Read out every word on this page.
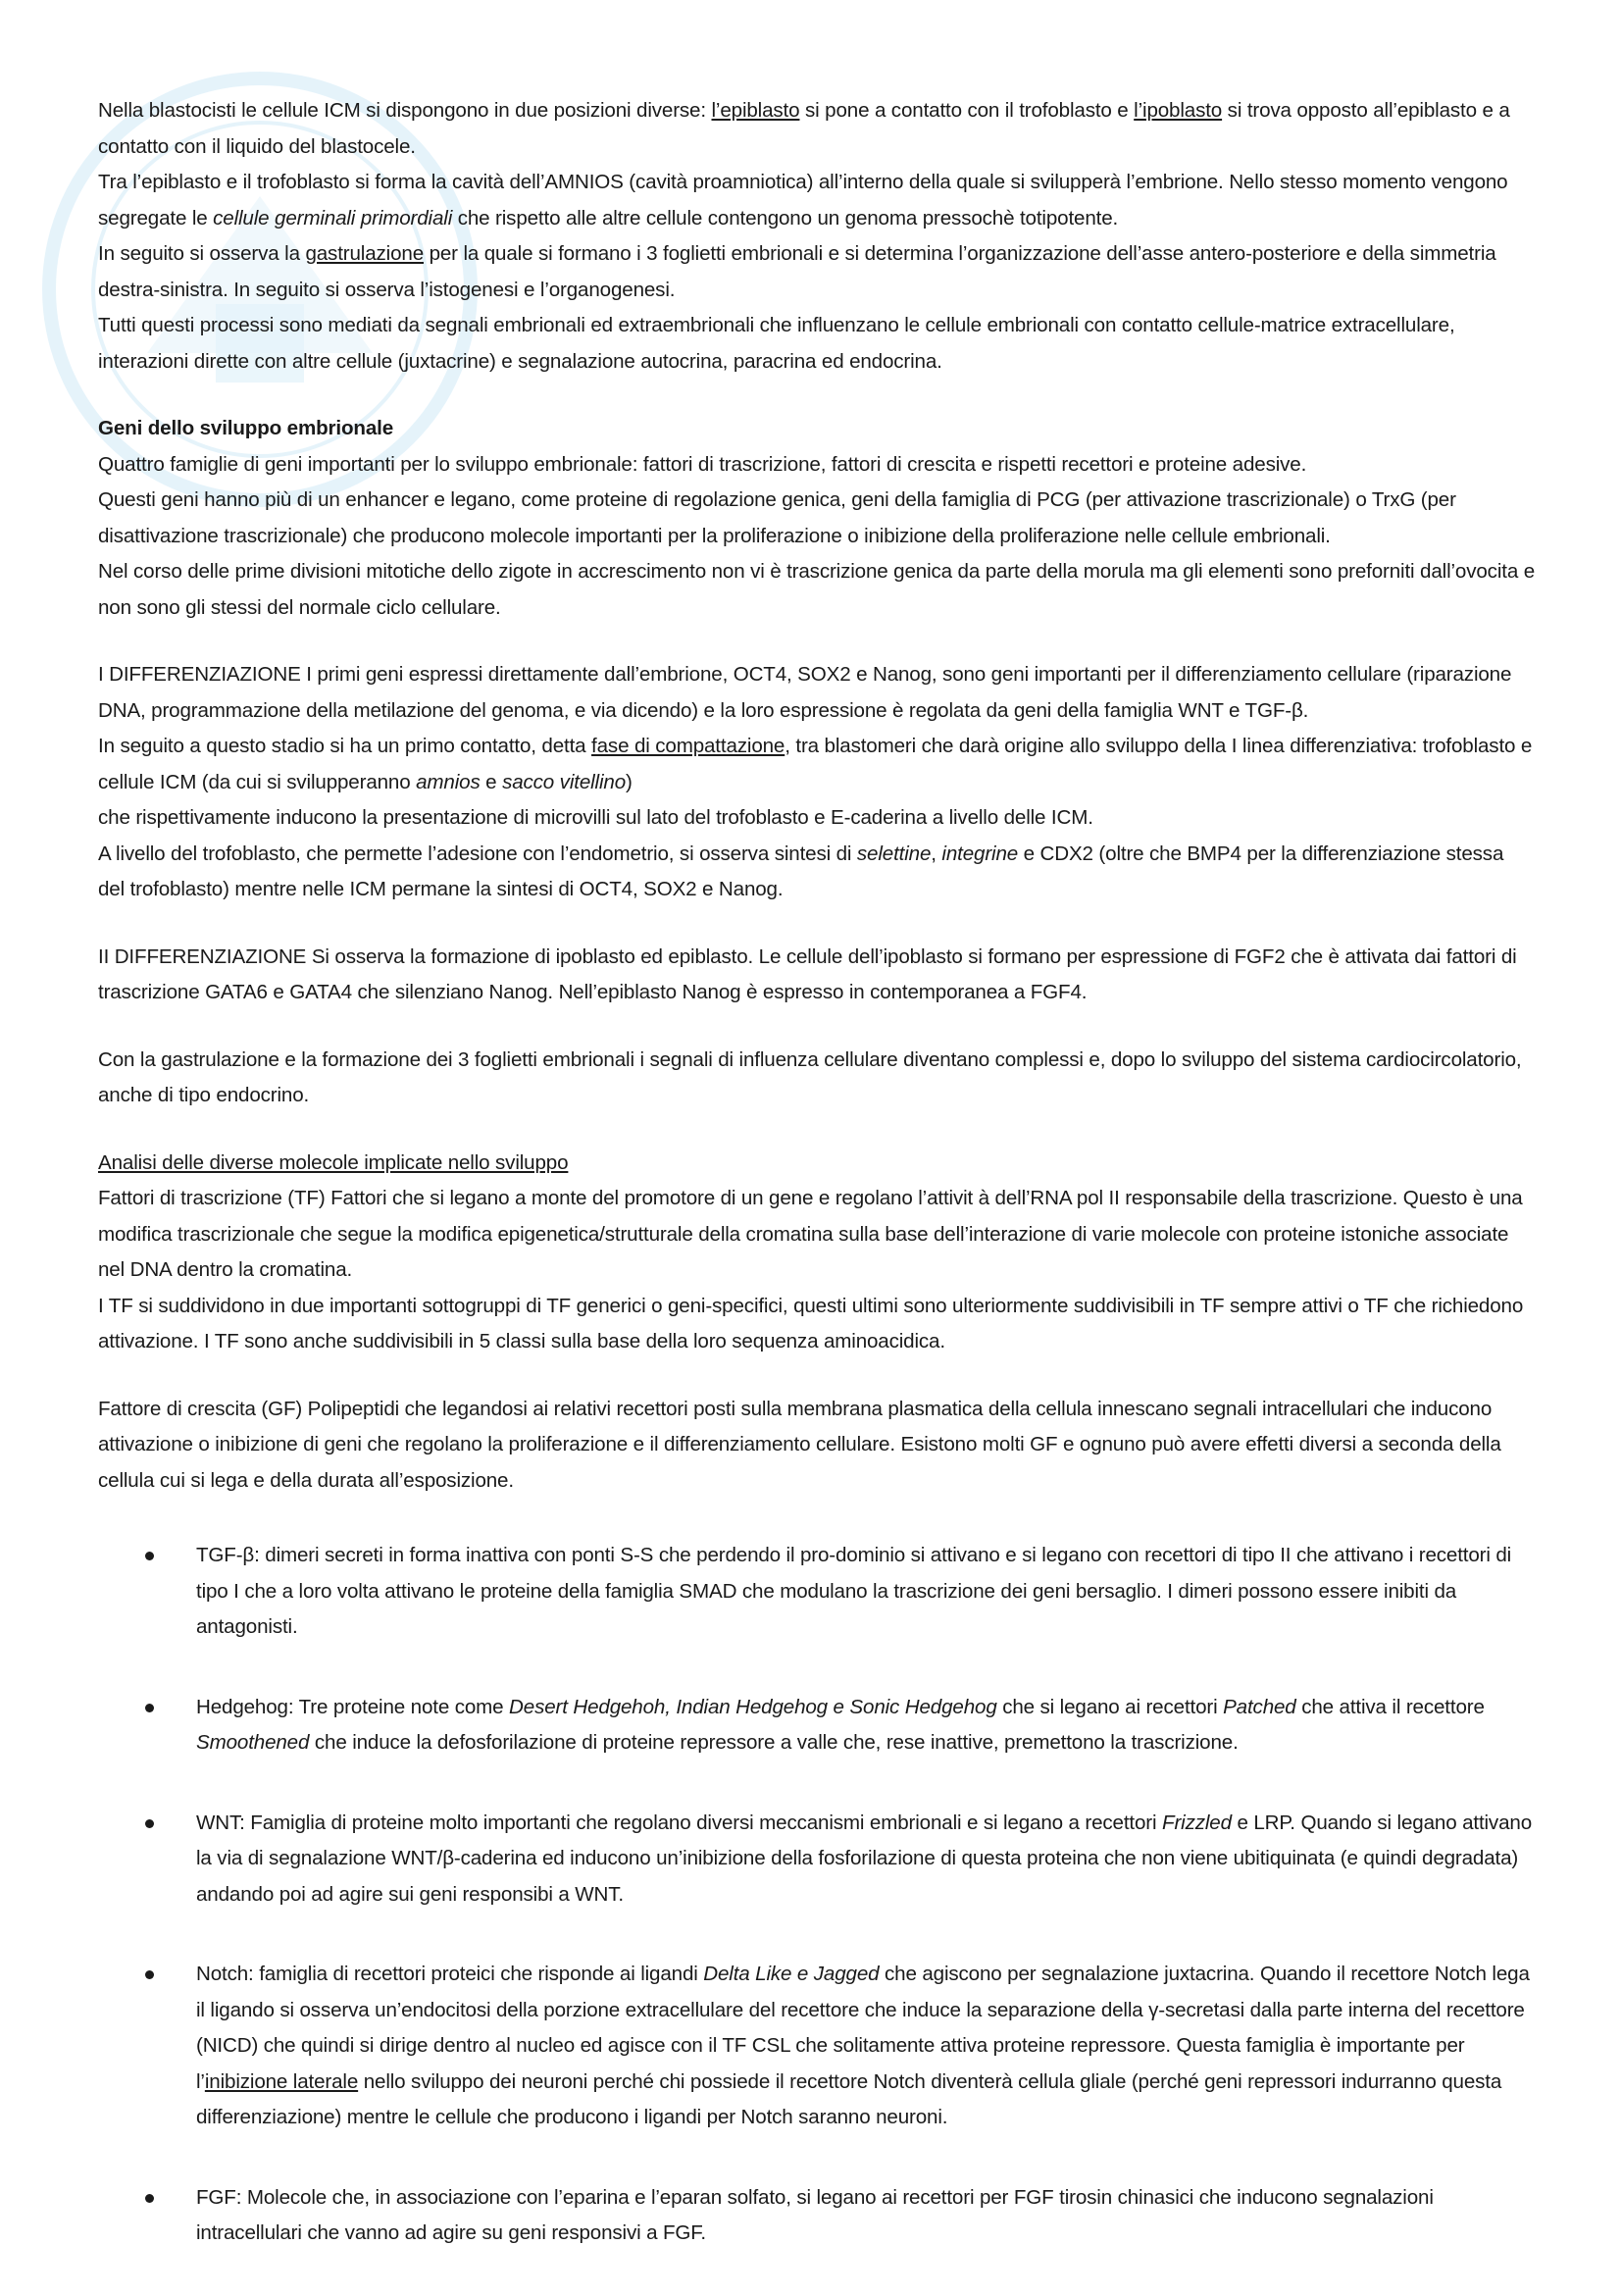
Nella blastocisti le cellule ICM si dispongono in due posizioni diverse: l’epiblasto si pone a contatto con il trofoblasto e l’ipoblasto si trova opposto all’epiblasto e a contatto con il liquido del blastocele.

Tra l’epiblasto e il trofoblasto si forma la cavità dell’AMNIOS (cavità proamniotica) all’interno della quale si svilupperà l’embrione. Nello stesso momento vengono segregate le cellule germinali primordiali che rispetto alle altre cellule contengono un genoma pressochè totipotente.

In seguito si osserva la gastrulazione per la quale si formano i 3 foglietti embrionali e si determina l’organizzazione dell’asse antero-posteriore e della simmetria destra-sinistra. In seguito si osserva l’istogenesi e l’organogenesi.

Tutti questi processi sono mediati da segnali embrionali ed extraembrionali che influenzano le cellule embrionali con contatto cellule-matrice extracellulare, interazioni dirette con altre cellule (juxtacrine) e segnalazione autocrina, paracrina ed endocrina.

Geni dello sviluppo embrionale

Quattro famiglie di geni importanti per lo sviluppo embrionale: fattori di trascrizione, fattori di crescita e rispetti recettori e proteine adesive.

Questi geni hanno più di un enhancer e legano, come proteine di regolazione genica, geni della famiglia di PCG (per attivazione trascrizionale) o TrxG (per disattivazione trascrizionale) che producono molecole importanti per la proliferazione o inibizione della proliferazione nelle cellule embrionali.

Nel corso delle prime divisioni mitotiche dello zigote in accrescimento non vi è trascrizione genica da parte della morula ma gli elementi sono preforniti dall’ovocita e non sono gli stessi del normale ciclo cellulare.

I DIFFERENZIAZIONE I primi geni espressi direttamente dall’embrione, OCT4, SOX2 e Nanog, sono geni importanti per il differenziamento cellulare (riparazione DNA, programmazione della metilazione del genoma, e via dicendo) e la loro espressione è regolata da geni della famiglia WNT e TGF-β.

In seguito a questo stadio si ha un primo contatto, detta fase di compattazione, tra blastomeri che darà origine allo sviluppo della I linea differenziativa: trofoblasto e cellule ICM (da cui si svilupperanno amnios e sacco vitellino)

che rispettivamente inducono la presentazione di microvilli sul lato del trofoblasto e E-caderina a livello delle ICM.

A livello del trofoblasto, che permette l’adesione con l’endometrio, si osserva sintesi di selettine, integrine e CDX2 (oltre che BMP4 per la differenziazione stessa del trofoblasto) mentre nelle ICM permane la sintesi di OCT4, SOX2 e Nanog.

II DIFFERENZIAZIONE Si osserva la formazione di ipoblasto ed epiblasto. Le cellule dell’ipoblasto si formano per espressione di FGF2 che è attivata dai fattori di trascrizione GATA6 e GATA4 che silenziano Nanog. Nell’epiblasto Nanog è espresso in contemporanea a FGF4.

Con la gastrulazione e la formazione dei 3 foglietti embrionali i segnali di influenza cellulare diventano complessi e, dopo lo sviluppo del sistema cardiocircolatorio, anche di tipo endocrino.

Analisi delle diverse molecole implicate nello sviluppo

Fattori di trascrizione (TF) Fattori che si legano a monte del promotore di un gene e regolano l’attivit à dell’RNA pol II responsabile della trascrizione. Questo è una modifica trascrizionale che segue la modifica epigenetica/strutturale della cromatina sulla base dell’interazione di varie molecole con proteine istoniche associate nel DNA dentro la cromatina.

I TF si suddividono in due importanti sottogruppi di TF generici o geni-specifici, questi ultimi sono ulteriormente suddivisibili in TF sempre attivi o TF che richiedono attivazione. I TF sono anche suddivisibili in 5 classi sulla base della loro sequenza aminoacidica.

Fattore di crescita (GF) Polipeptidi che legandosi ai relativi recettori posti sulla membrana plasmatica della cellula innescano segnali intracellulari che inducono attivazione o inibizione di geni che regolano la proliferazione e il differenziamento cellulare. Esistono molti GF e ognuno può avere effetti diversi a seconda della cellula cui si lega e della durata all’esposizione.

TGF-β: dimeri secreti in forma inattiva con ponti S-S che perdendo il pro-dominio si attivano e si legano con recettori di tipo II che attivano i recettori di tipo I che a loro volta attivano le proteine della famiglia SMAD che modulano la trascrizione dei geni bersaglio. I dimeri possono essere inibiti da antagonisti.
Hedgehog: Tre proteine note come Desert Hedgehoh, Indian Hedgehog e Sonic Hedgehog che si legano ai recettori Patched che attiva il recettore Smoothened che induce la defosforilazione di proteine repressore a valle che, rese inattive, premettono la trascrizione.
WNT: Famiglia di proteine molto importanti che regolano diversi meccanismi embrionali e si legano a recettori Frizzled e LRP. Quando si legano attivano la via di segnalazione WNT/β-caderina ed inducono un’inibizione della fosforilazione di questa proteina che non viene ubitiquinata (e quindi degradata) andando poi ad agire sui geni responsibi a WNT.
Notch: famiglia di recettori proteici che risponde ai ligandi Delta Like e Jagged che agiscono per segnalazione juxtacrina. Quando il recettore Notch lega il ligando si osserva un’endocitosi della porzione extracellulare del recettore che induce la separazione della γ-secretasi dalla parte interna del recettore (NICD) che quindi si dirige dentro al nucleo ed agisce con il TF CSL che solitamente attiva proteine repressore. Questa famiglia è importante per l’inibizione laterale nello sviluppo dei neuroni perché chi possiede il recettore Notch diventerà cellula gliale (perché geni repressori indurranno questa differenziazione) mentre le cellule che producono i ligandi per Notch saranno neuroni.
FGF: Molecole che, in associazione con l’eparina e l’eparan solfato, si legano ai recettori per FGF tirosin chinasici che inducono segnalazioni intracellulari che vanno ad agire su geni responsivi a FGF.
